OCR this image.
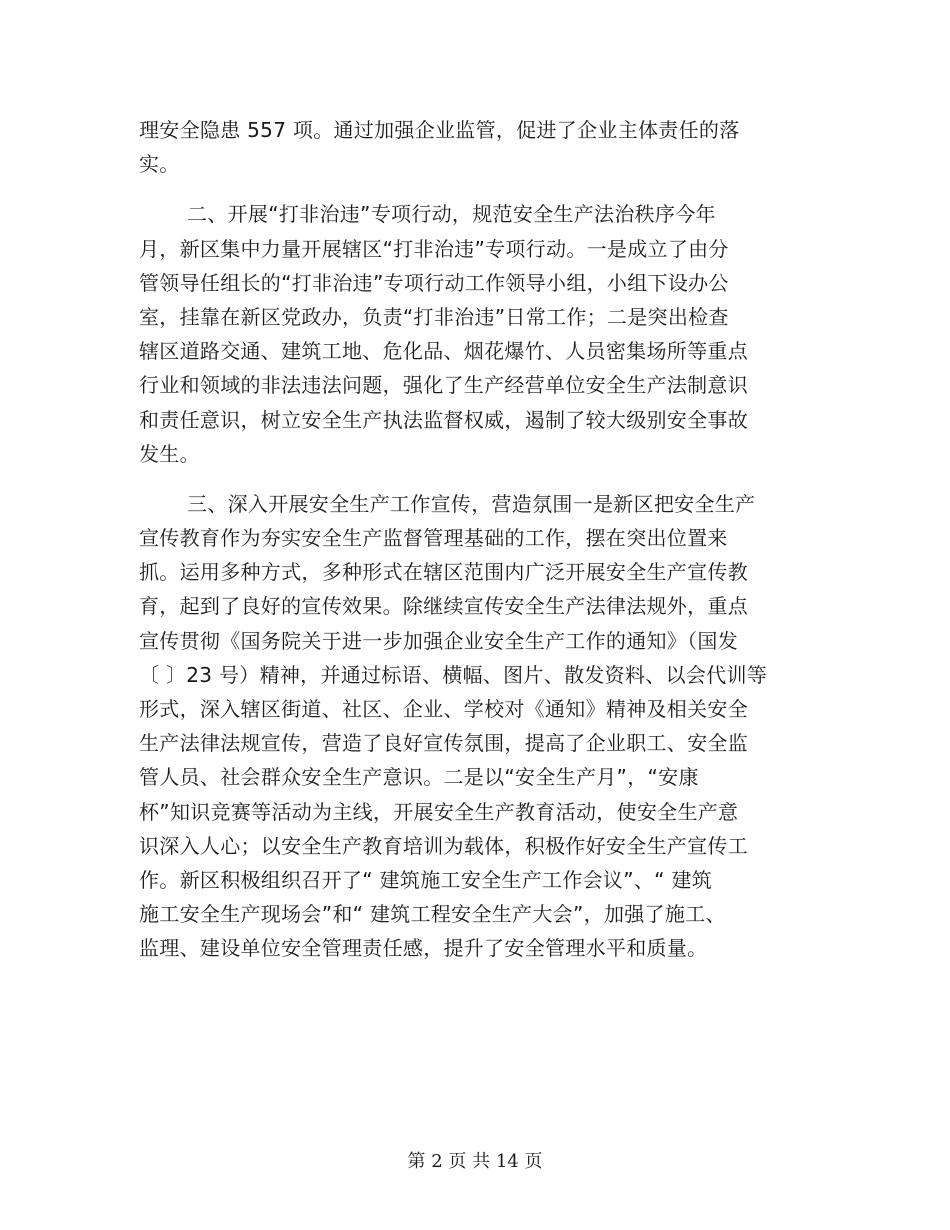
理安全隐患 557 项。通过加强企业监管，促进了企业主体责任的落
实。
二、开展“打非治违”专项行动，规范安全生产法治秩序今年
月，新区集中力量开展辖区“打非治违”专项行动。一是成立了由分
管领导任组长的“打非治违”专项行动工作领导小组，小组下设办公
室，挂靠在新区党政办，负责“打非治违”日常工作；二是突出检查
辖区道路交通、建筑工地、危化品、烟花爆竹、人员密集场所等重点
行业和领域的非法违法问题，强化了生产经营单位安全生产法制意识
和责任意识，树立安全生产执法监督权威，遏制了较大级别安全事故
发生。
三、深入开展安全生产工作宣传，营造氛围一是新区把安全生产
宣传教育作为夯实安全生产监督管理基础的工作，摆在突出位置来
抓。运用多种方式，多种形式在辖区范围内广泛开展安全生产宣传教
育，起到了良好的宣传效果。除继续宣传安全生产法律法规外，重点
宣传贯彻《国务院关于进一步加强企业安全生产工作的通知》（国发
〔 〕23 号）精神，并通过标语、横幅、图片、散发资料、以会代训等
形式，深入辖区街道、社区、企业、学校对《通知》精神及相关安全
生产法律法规宣传，营造了良好宣传氛围，提高了企业职工、安全监
管人员、社会群众安全生产意识。二是以“安全生产月”，“安康
杯”知识竞赛等活动为主线，开展安全生产教育活动，使安全生产意
识深入人心；以安全生产教育培训为载体，积极作好安全生产宣传工
作。新区积极组织召开了“ 建筑施工安全生产工作会议”、“ 建筑
施工安全生产现场会”和“ 建筑工程安全生产大会”，加强了施工、
监理、建设单位安全管理责任感，提升了安全管理水平和质量。
第 2 页 共 14 页
